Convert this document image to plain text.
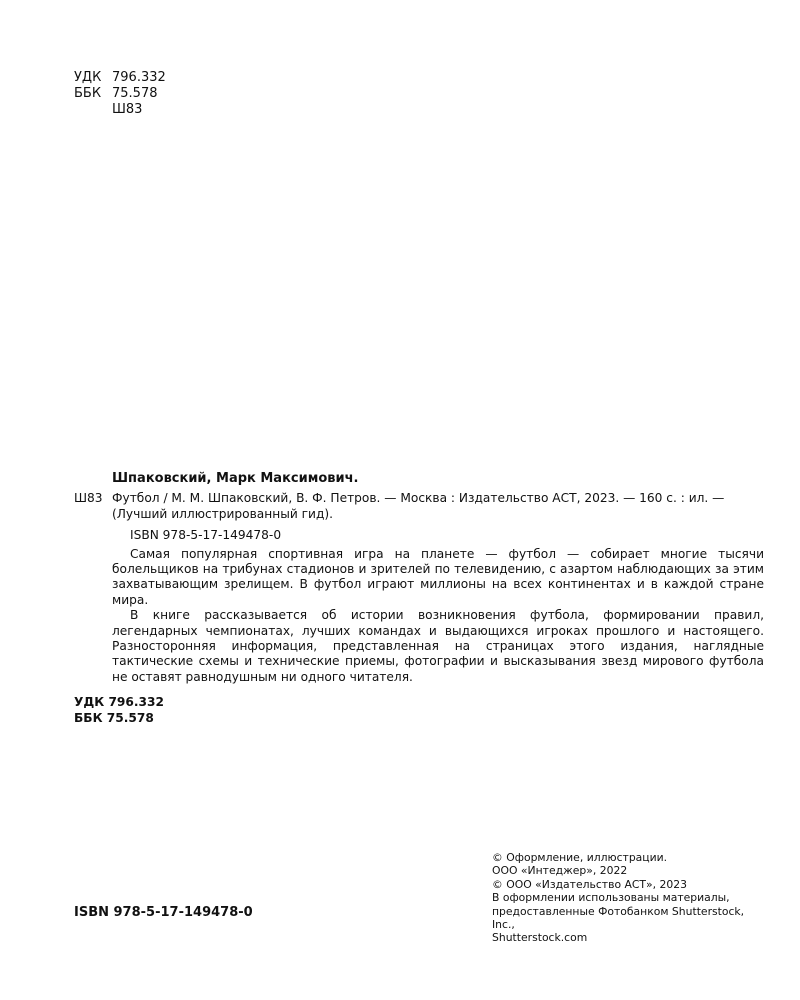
УДК 796.332
ББК 75.578
Ш83
Шпаковский, Марк Максимович.
Ш83 Футбол / М. М. Шпаковский, В. Ф. Петров. — Москва : Издательство АСТ, 2023. — 160 с. : ил. — (Лучший иллюстрированный гид).
ISBN 978-5-17-149478-0

Самая популярная спортивная игра на планете — футбол — собирает многие тысячи болельщиков на трибунах стадионов и зрителей по телевидению, с азартом наблюдающих за этим захватывающим зрелищем. В футбол играют миллионы на всех континентах и в каждой стране мира.

В книге рассказывается об истории возникновения футбола, формировании правил, легендарных чемпионатах, лучших командах и выдающихся игроках прошлого и настоящего. Разносторонняя информация, представленная на страницах этого издания, наглядные тактические схемы и технические приемы, фотографии и высказывания звезд мирового футбола не оставят равнодушным ни одного читателя.

УДК 796.332
ББК 75.578
ISBN 978-5-17-149478-0
© Оформление, иллюстрации.
ООО «Интеджер», 2022
© ООО «Издательство АСТ», 2023
В оформлении использованы материалы,
предоставленные Фотобанком Shutterstock, Inc.,
Shutterstock.com
